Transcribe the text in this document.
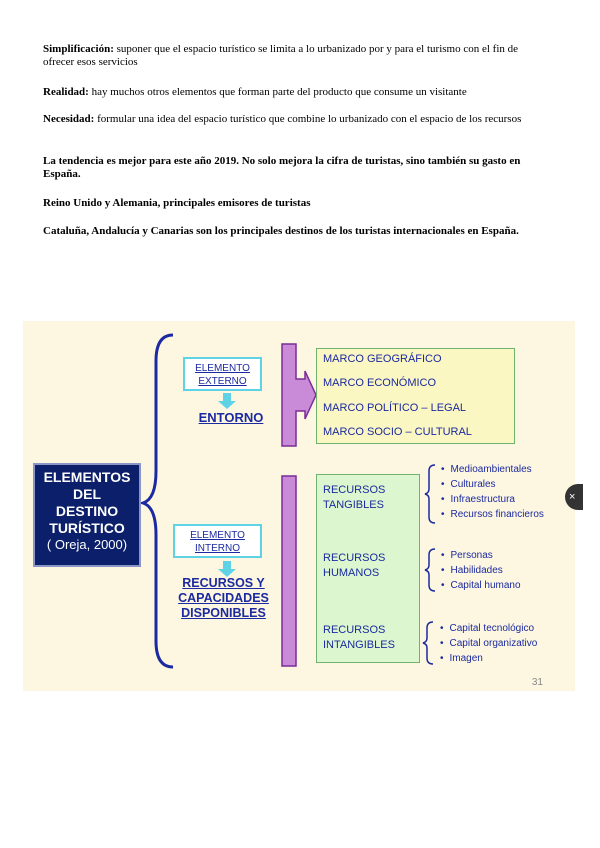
Simplificación: suponer que el espacio turístico se limita a lo urbanizado por y para el turismo con el fin de ofrecer esos servicios
Realidad: hay muchos otros elementos que forman parte del producto que consume un visitante
Necesidad: formular una idea del espacio turístico que combine lo urbanizado con el espacio de los recursos
La tendencia es mejor para este año 2019. No solo mejora la cifra de turistas, sino también su gasto en España.
Reino Unido y Alemania, principales emisores de turistas
Cataluña, Andalucía y Canarias son los principales destinos de los turistas internacionales en España.
ELEMENTOS
DEL
DESTINO
TURÍSTICO
( Oreja, 2000)
ELEMENTO
EXTERNO
ENTORNO
ELEMENTO
INTERNO
RECURSOS Y
CAPACIDADES
DISPONIBLES
MARCO GEOGRÁFICO
MARCO ECONÓMICO
MARCO POLÍTICO – LEGAL
MARCO SOCIO – CULTURAL
RECURSOS
TANGIBLES
RECURSOS
HUMANOS
RECURSOS
INTANGIBLES
• Medioambientales
• Culturales
• Infraestructura
• Recursos financieros
• Personas
• Habilidades
• Capital humano
• Capital tecnológico
• Capital organizativo
• Imagen
31
×
